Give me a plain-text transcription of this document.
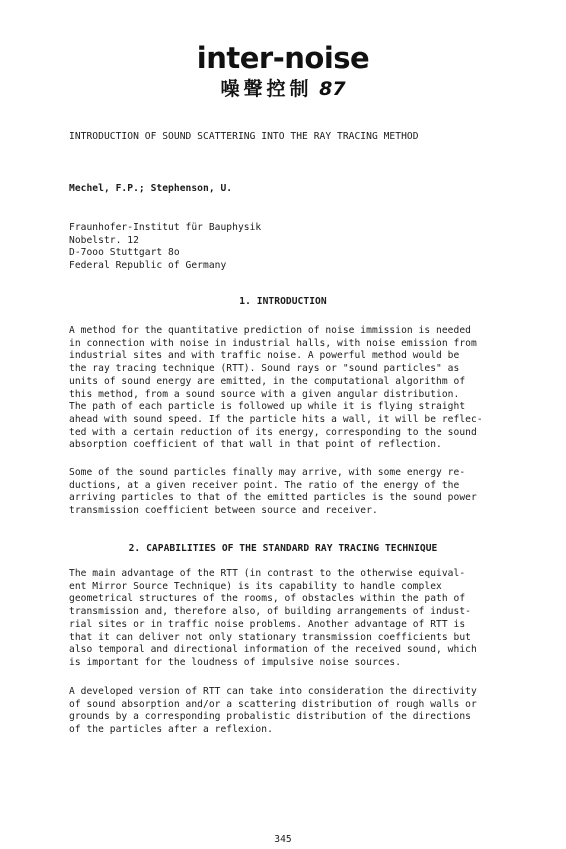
inter-noise
噪聲控制 87
INTRODUCTION OF SOUND SCATTERING INTO THE RAY TRACING METHOD
Mechel, F.P.; Stephenson, U.

Fraunhofer-Institut für Bauphysik

Nobelstr. 12

D-7ooo Stuttgart 8o

Federal Republic of Germany

1. INTRODUCTION

A method for the quantitative prediction of noise immission is needed

in connection with noise in industrial halls, with noise emission from

industrial sites and with traffic noise. A powerful method would be

the ray tracing technique (RTT). Sound rays or "sound particles" as

units of sound energy are emitted, in the computational algorithm of

this method, from a sound source with a given angular distribution.

The path of each particle is followed up while it is flying straight

ahead with sound speed. If the particle hits a wall, it will be reflec-

ted with a certain reduction of its energy, corresponding to the sound

absorption coefficient of that wall in that point of reflection.

Some of the sound particles finally may arrive, with some energy re-

ductions, at a given receiver point. The ratio of the energy of the

arriving particles to that of the emitted particles is the sound power

transmission coefficient between source and receiver.

2. CAPABILITIES OF THE STANDARD RAY TRACING TECHNIQUE

The main advantage of the RTT (in contrast to the otherwise equival-

ent Mirror Source Technique) is its capability to handle complex

geometrical structures of the rooms, of obstacles within the path of

transmission and, therefore also, of building arrangements of indust-

rial sites or in traffic noise problems. Another advantage of RTT is

that it can deliver not only stationary transmission coefficients but

also temporal and directional information of the received sound, which

is important for the loudness of impulsive noise sources.

A developed version of RTT can take into consideration the directivity

of sound absorption and/or a scattering distribution of rough walls or

grounds by a corresponding probalistic distribution of the directions

of the particles after a reflexion.

345
